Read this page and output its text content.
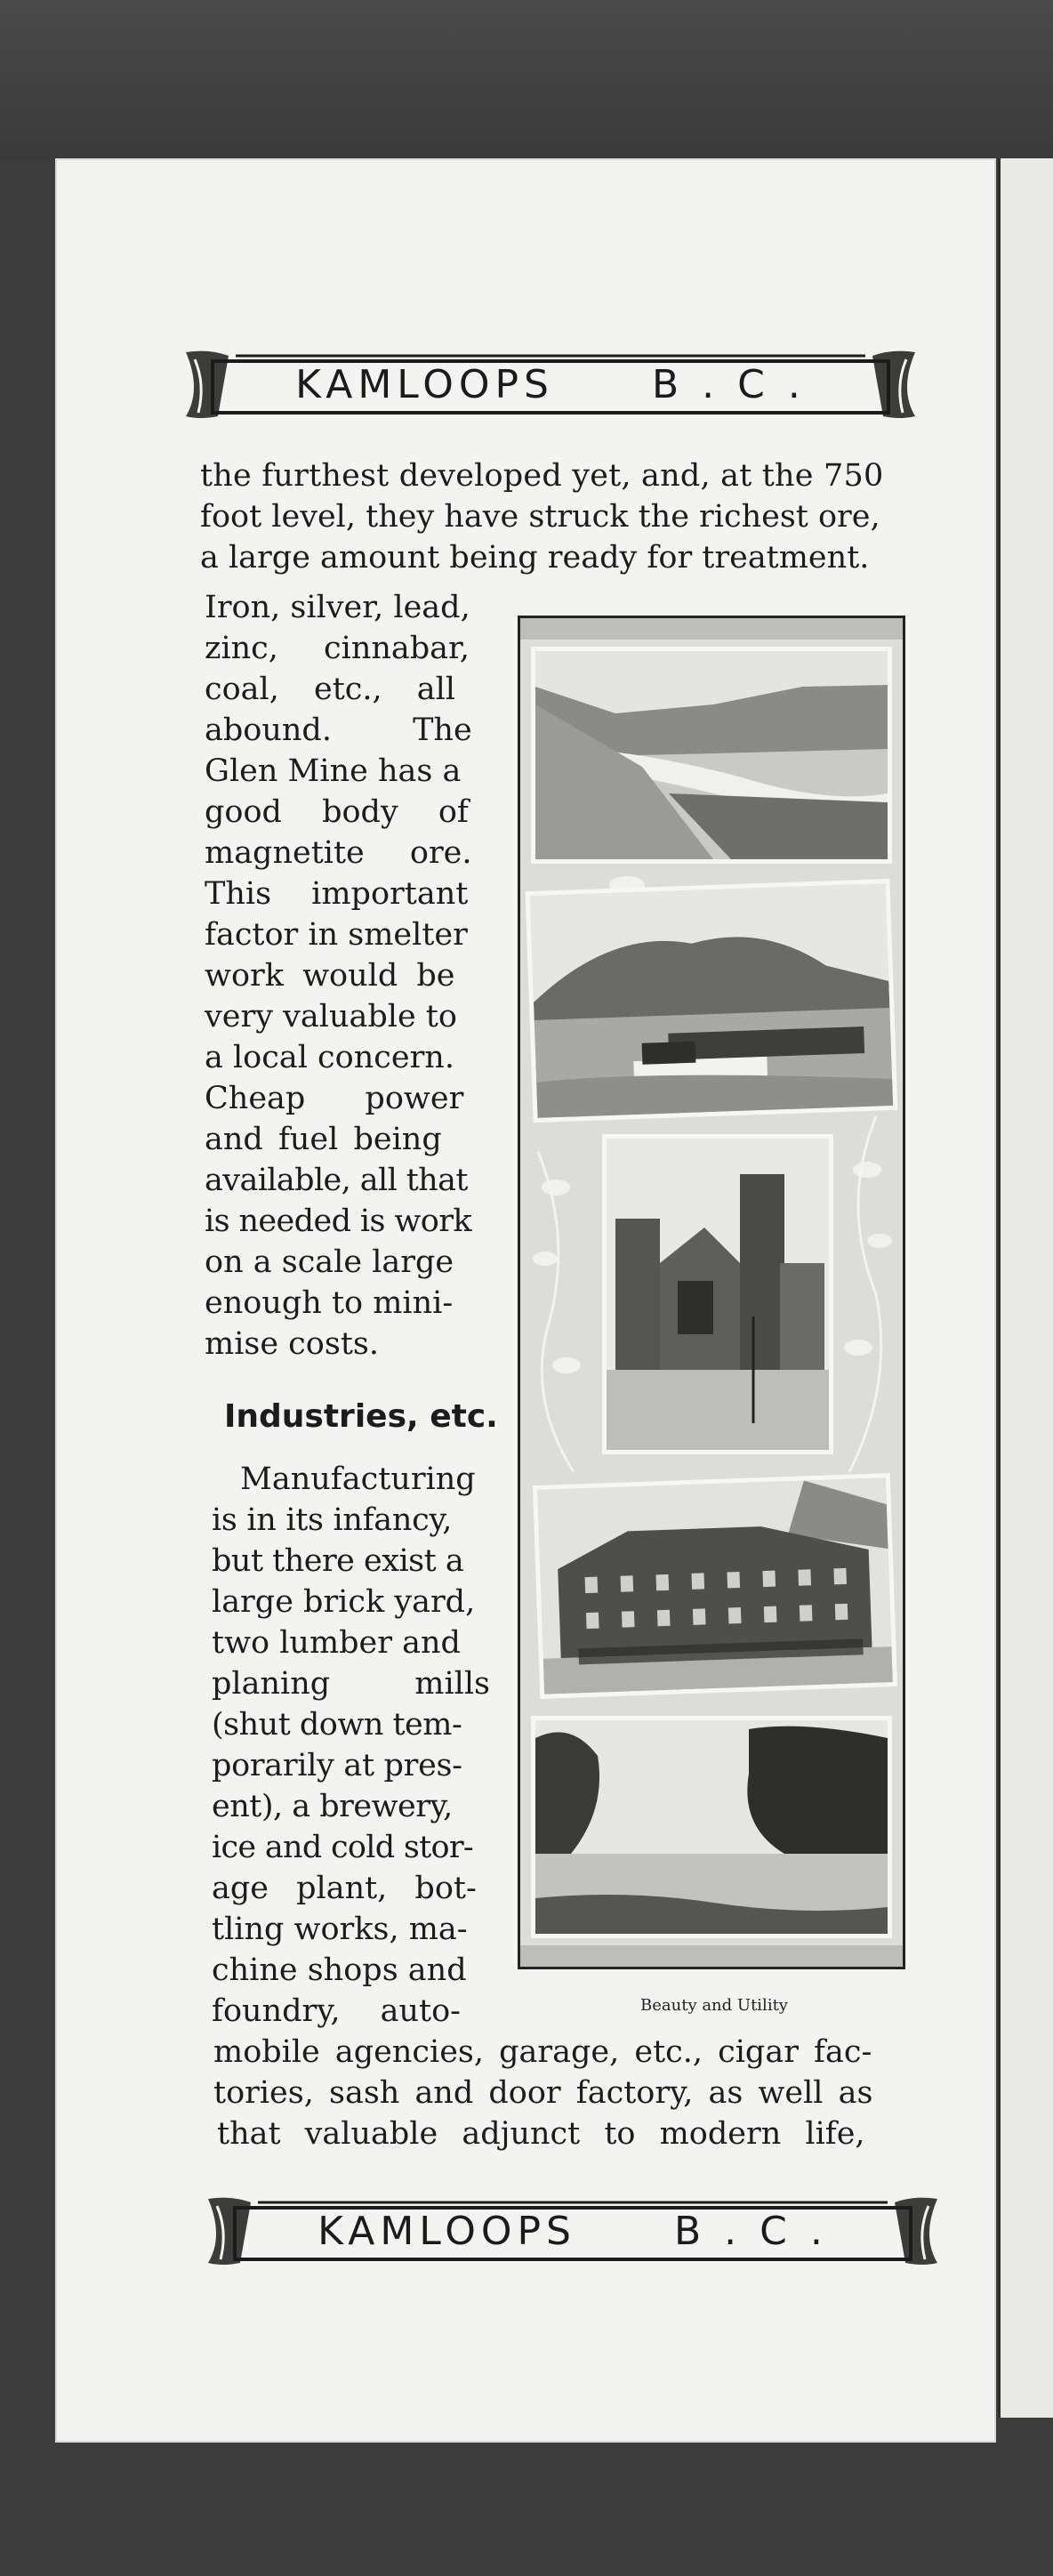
KAMLOOPS	B . C .
the furthest developed yet, and, at the 750
foot level, they have struck the richest ore,
a large amount being ready for treatment.
Iron, silver, lead,
zinc, cinnabar,
coal, etc., all
abound. The
Glen Mine has a
good body of
magnetite ore.
This important
factor in smelter
work would be
very valuable to
a local concern.
Cheap power
and fuel being
available, all that
is needed is work
on a scale large
enough to mini-
mise costs.
Industries, etc.
Manufacturing
is in its infancy,
but there exist a
large brick yard,
two lumber and
planing mills
(shut down tem-
porarily at pres-
ent), a brewery,
ice and cold stor-
age plant, bot-
tling works, ma-
chine shops and
foundry, auto-	Beauty and Utility
mobile agencies, garage, etc., cigar fac-
tories, sash and door factory, as well as
that valuable adjunct to modern life,
KAMLOOPS	B . C .
